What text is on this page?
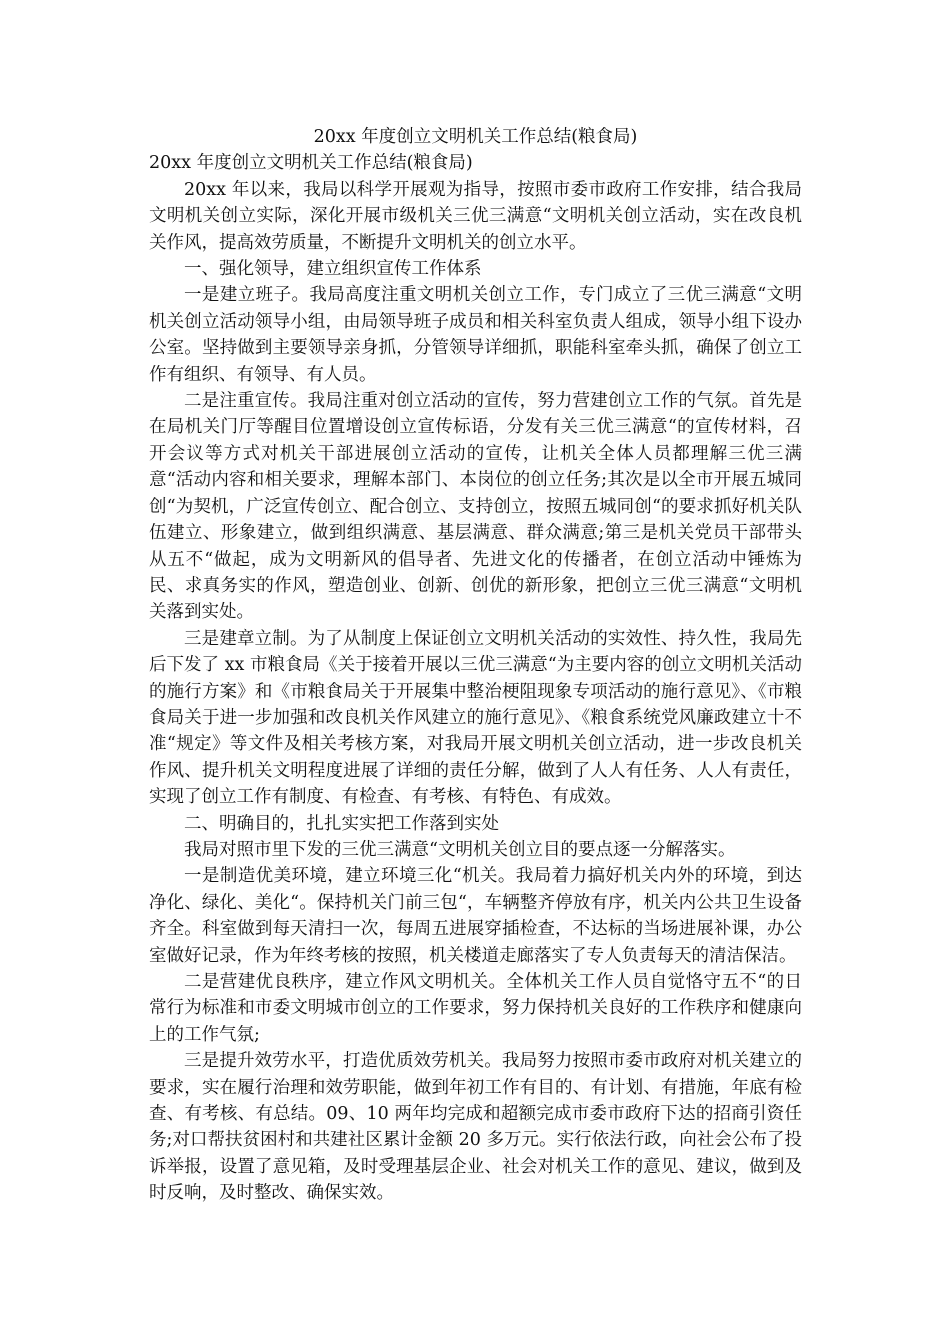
20xx 年度创立文明机关工作总结(粮食局)

20xx 年度创立文明机关工作总结(粮食局)

20xx 年以来，我局以科学开展观为指导，按照市委市政府工作安排，结合我局文明机关创立实际，深化开展市级机关三优三满意“文明机关创立活动，实在改良机关作风，提高效劳质量，不断提升文明机关的创立水平。

一、强化领导，建立组织宣传工作体系

一是建立班子。我局高度注重文明机关创立工作，专门成立了三优三满意“文明机关创立活动领导小组，由局领导班子成员和相关科室负责人组成，领导小组下设办公室。坚持做到主要领导亲身抓，分管领导详细抓，职能科室牵头抓，确保了创立工作有组织、有领导、有人员。

二是注重宣传。我局注重对创立活动的宣传，努力营建创立工作的气氛。首先是在局机关门厅等醒目位置增设创立宣传标语，分发有关三优三满意“的宣传材料，召开会议等方式对机关干部进展创立活动的宣传，让机关全体人员都理解三优三满意“活动内容和相关要求，理解本部门、本岗位的创立任务;其次是以全市开展五城同创“为契机，广泛宣传创立、配合创立、支持创立，按照五城同创“的要求抓好机关队伍建立、形象建立，做到组织满意、基层满意、群众满意;第三是机关党员干部带头从五不“做起，成为文明新风的倡导者、先进文化的传播者，在创立活动中锤炼为民、求真务实的作风，塑造创业、创新、创优的新形象，把创立三优三满意“文明机关落到实处。

三是建章立制。为了从制度上保证创立文明机关活动的实效性、持久性，我局先后下发了 xx 市粮食局《关于接着开展以三优三满意“为主要内容的创立文明机关活动的施行方案》和《市粮食局关于开展集中整治梗阻现象专项活动的施行意见》、《市粮食局关于进一步加强和改良机关作风建立的施行意见》、《粮食系统党风廉政建立十不准“规定》等文件及相关考核方案，对我局开展文明机关创立活动，进一步改良机关作风、提升机关文明程度进展了详细的责任分解，做到了人人有任务、人人有责任，实现了创立工作有制度、有检查、有考核、有特色、有成效。

二、明确目的，扎扎实实把工作落到实处

我局对照市里下发的三优三满意“文明机关创立目的要点逐一分解落实。

一是制造优美环境，建立环境三化“机关。我局着力搞好机关内外的环境，到达净化、绿化、美化“。保持机关门前三包“，车辆整齐停放有序，机关内公共卫生设备齐全。科室做到每天清扫一次，每周五进展穿插检查，不达标的当场进展补课，办公室做好记录，作为年终考核的按照，机关楼道走廊落实了专人负责每天的清洁保洁。

二是营建优良秩序，建立作风文明机关。全体机关工作人员自觉恪守五不“的日常行为标准和市委文明城市创立的工作要求，努力保持机关良好的工作秩序和健康向上的工作气氛;

三是提升效劳水平，打造优质效劳机关。我局努力按照市委市政府对机关建立的要求，实在履行治理和效劳职能，做到年初工作有目的、有计划、有措施，年底有检查、有考核、有总结。09、10 两年均完成和超额完成市委市政府下达的招商引资任务;对口帮扶贫困村和共建社区累计金额 20 多万元。实行依法行政，向社会公布了投诉举报，设置了意见箱，及时受理基层企业、社会对机关工作的意见、建议，做到及时反响，及时整改、确保实效。
